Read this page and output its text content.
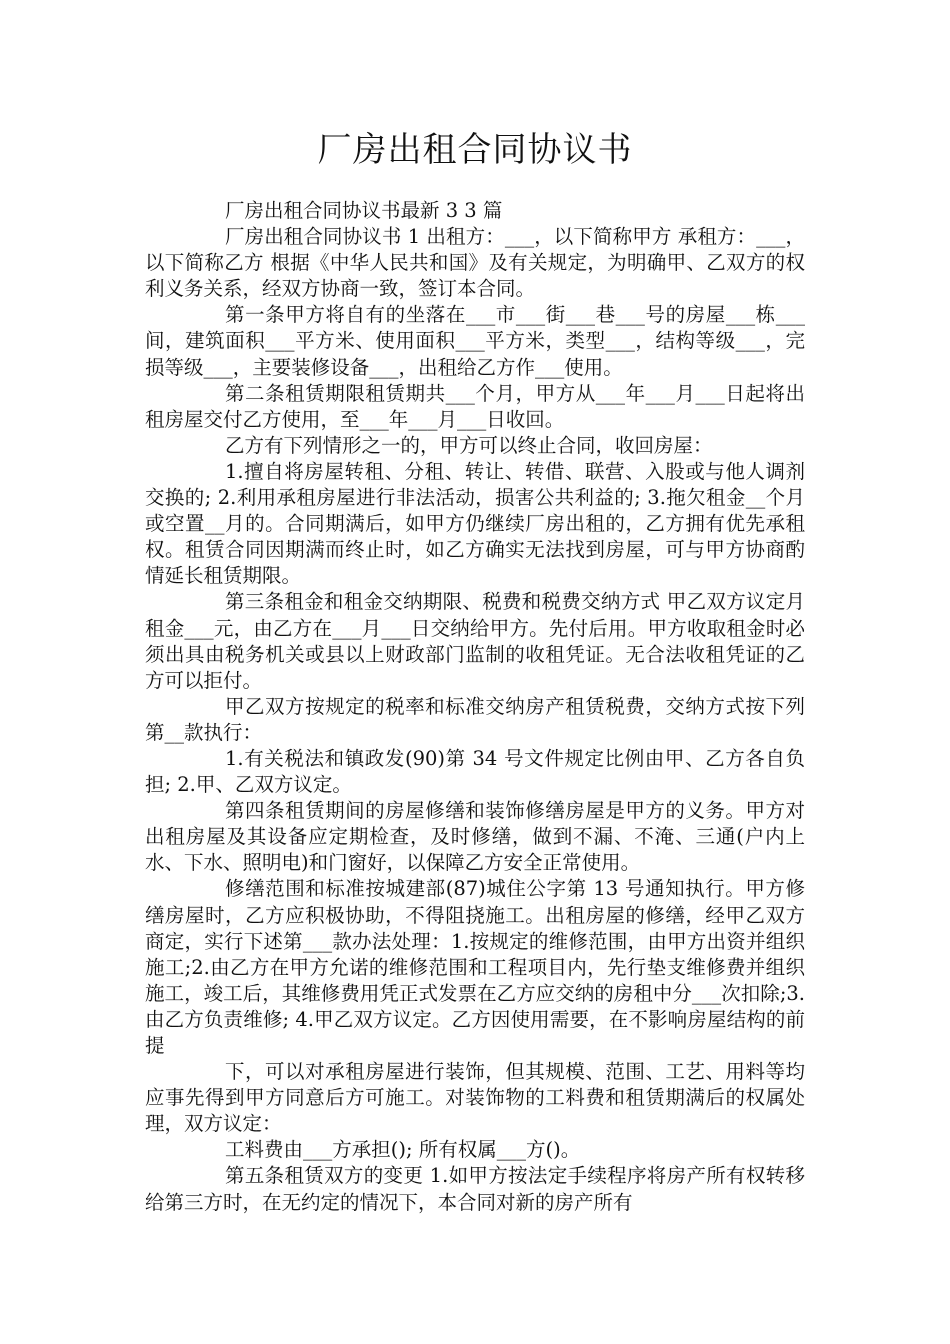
厂房出租合同协议书

厂房出租合同协议书最新 3 3 篇

厂房出租合同协议书 1 出租方：___，以下简称甲方 承租方：___，以下简称乙方 根据《中华人民共和国》及有关规定，为明确甲、乙双方的权利义务关系，经双方协商一致，签订本合同。

第一条甲方将自有的坐落在___市___街___巷___号的房屋___栋___间，建筑面积___平方米、使用面积___平方米，类型___，结构等级___，完损等级___，主要装修设备___，出租给乙方作___使用。

第二条租赁期限租赁期共___个月，甲方从___年___月___日起将出租房屋交付乙方使用，至___年___月___日收回。

乙方有下列情形之一的，甲方可以终止合同，收回房屋：

1.擅自将房屋转租、分租、转让、转借、联营、入股或与他人调剂交换的; 2.利用承租房屋进行非法活动，损害公共利益的; 3.拖欠租金__个月或空置__月的。合同期满后，如甲方仍继续厂房出租的，乙方拥有优先承租权。租赁合同因期满而终止时，如乙方确实无法找到房屋，可与甲方协商酌情延长租赁期限。

第三条租金和租金交纳期限、税费和税费交纳方式 甲乙双方议定月租金___元，由乙方在___月___日交纳给甲方。先付后用。甲方收取租金时必须出具由税务机关或县以上财政部门监制的收租凭证。无合法收租凭证的乙方可以拒付。

甲乙双方按规定的税率和标准交纳房产租赁税费，交纳方式按下列第__款执行：

1.有关税法和镇政发(90)第 34 号文件规定比例由甲、乙方各自负担; 2.甲、乙双方议定。

第四条租赁期间的房屋修缮和装饰修缮房屋是甲方的义务。甲方对出租房屋及其设备应定期检查，及时修缮，做到不漏、不淹、三通(户内上水、下水、照明电)和门窗好，以保障乙方安全正常使用。

修缮范围和标准按城建部(87)城住公字第 13 号通知执行。甲方修缮房屋时，乙方应积极协助，不得阻挠施工。出租房屋的修缮，经甲乙双方商定，实行下述第___款办法处理：1.按规定的维修范围，由甲方出资并组织施工;2.由乙方在甲方允诺的维修范围和工程项目内，先行垫支维修费并组织施工，竣工后，其维修费用凭正式发票在乙方应交纳的房租中分___次扣除;3.由乙方负责维修; 4.甲乙双方议定。乙方因使用需要，在不影响房屋结构的前提

下，可以对承租房屋进行装饰，但其规模、范围、工艺、用料等均应事先得到甲方同意后方可施工。对装饰物的工料费和租赁期满后的权属处理，双方议定：

工料费由___方承担(); 所有权属___方()。

第五条租赁双方的变更 1.如甲方按法定手续程序将房产所有权转移给第三方时，在无约定的情况下，本合同对新的房产所有
